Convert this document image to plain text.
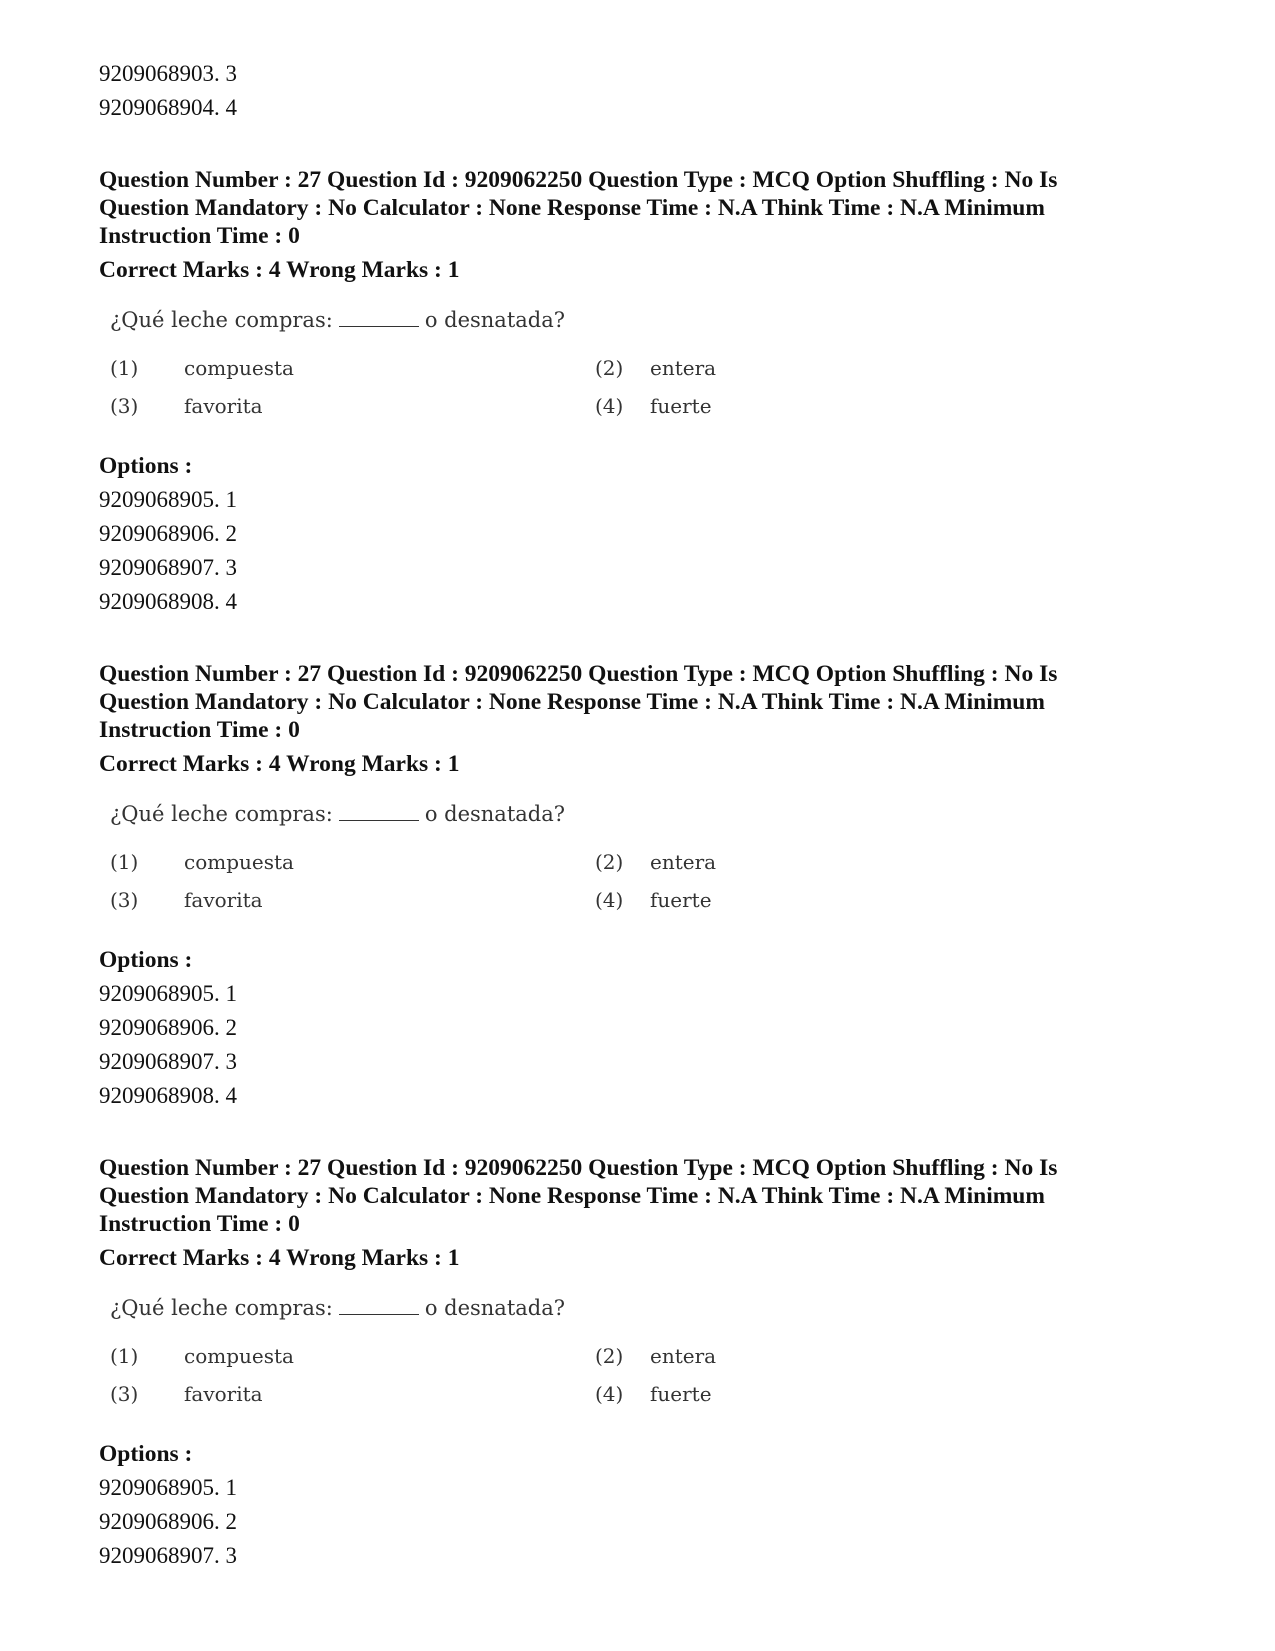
9209068903. 3
9209068904. 4
Question Number : 27 Question Id : 9209062250 Question Type : MCQ Option Shuffling : No Is
Question Mandatory : No Calculator : None Response Time : N.A Think Time : N.A Minimum
Instruction Time : 0
Correct Marks : 4 Wrong Marks : 1
¿Qué leche compras:	o desnatada?
(1) compuesta	(2) entera
(3) favorita	(4) fuerte
Options :
9209068905. 1
9209068906. 2
9209068907. 3
9209068908. 4
Question Number : 27 Question Id : 9209062250 Question Type : MCQ Option Shuffling : No Is
Question Mandatory : No Calculator : None Response Time : N.A Think Time : N.A Minimum
Instruction Time : 0
Correct Marks : 4 Wrong Marks : 1
¿Qué leche compras:	o desnatada?
(1) compuesta	(2) entera
(3) favorita	(4) fuerte
Options :
9209068905. 1
9209068906. 2
9209068907. 3
9209068908. 4
Question Number : 27 Question Id : 9209062250 Question Type : MCQ Option Shuffling : No Is
Question Mandatory : No Calculator : None Response Time : N.A Think Time : N.A Minimum
Instruction Time : 0
Correct Marks : 4 Wrong Marks : 1
¿Qué leche compras:	o desnatada?
(1) compuesta	(2) entera
(3) favorita	(4) fuerte
Options :
9209068905. 1
9209068906. 2
9209068907. 3
